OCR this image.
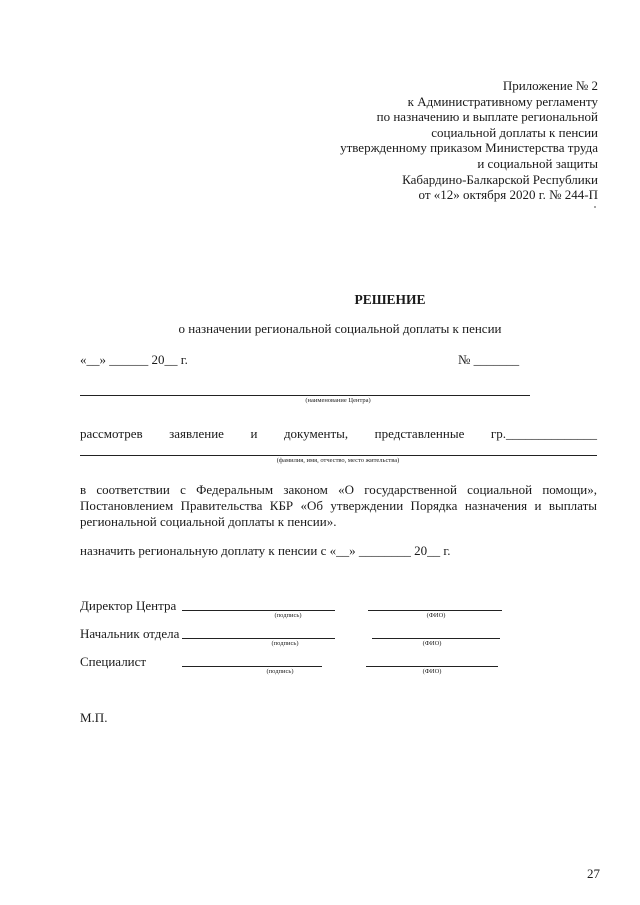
Приложение № 2
к Административному регламенту
по назначению и выплате региональной
социальной доплаты к пенсии
утвержденному приказом Министерства труда
и социальной защиты
Кабардино-Балкарской Республики
от «12» октября 2020 г. № 244-П
РЕШЕНИЕ
о назначении региональной социальной доплаты к пенсии
«__» ______ 20__ г.	№ _______
(наименование Центра)
рассмотрев заявление и документы, представленные гр.______________
(фамилия, имя, отчество, место жительства)
в соответствии с Федеральным законом «О государственной социальной помощи»,
Постановлением Правительства КБР «Об утверждении Порядка назначения и выплаты
региональной социальной доплаты к пенсии».
назначить региональную доплату к пенсии с «__» ________ 20__ г.
Директор Центра
(подпись)	(ФИО)
Начальник отдела
(подпись)	(ФИО)
Специалист
(подпись)	(ФИО)
М.П.
27
